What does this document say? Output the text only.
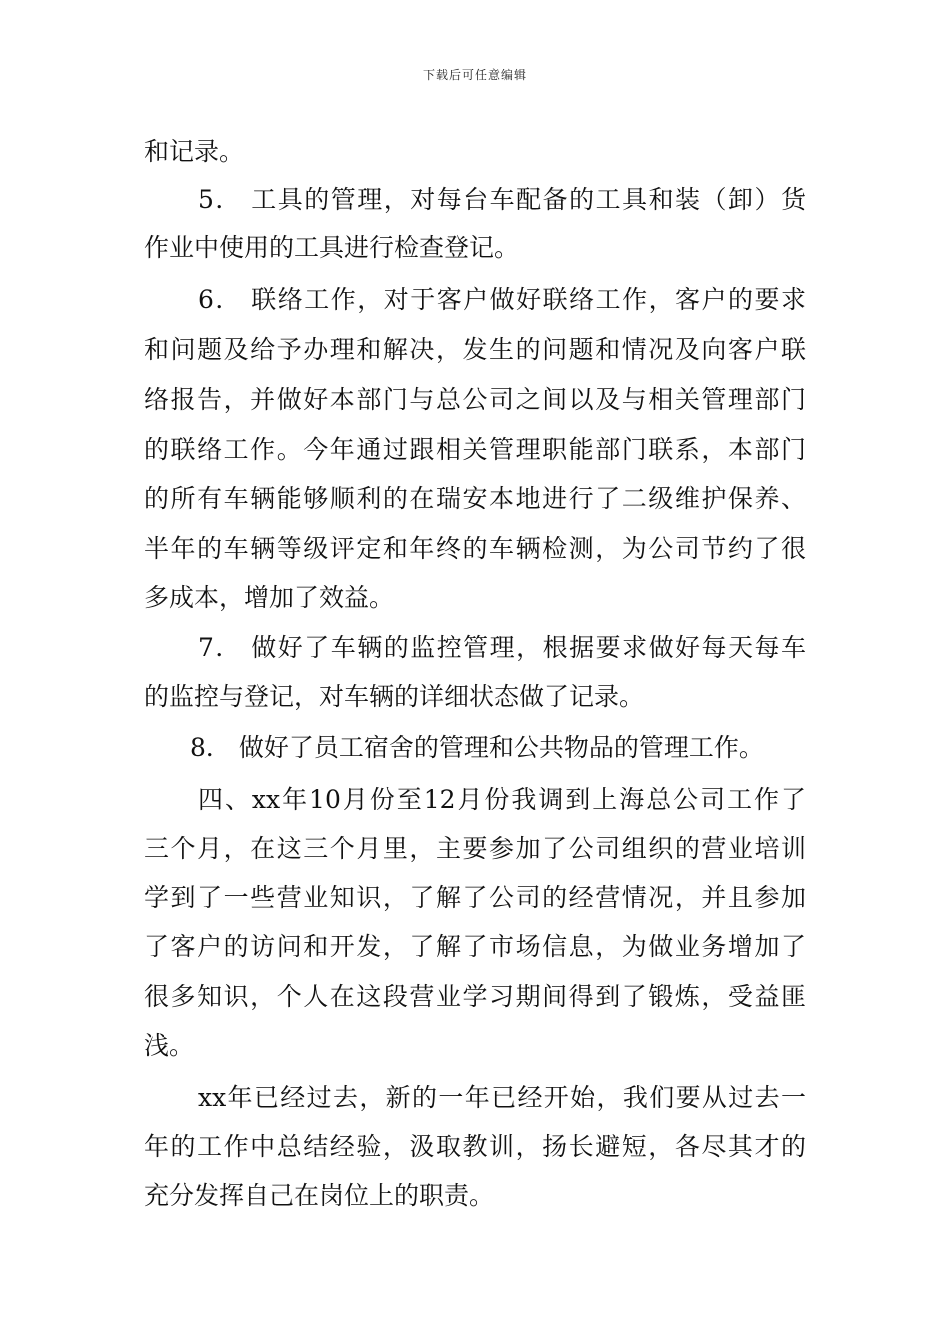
下载后可任意编辑
和记录。
5． 工具的管理，对每台车配备的工具和装（卸）货
作业中使用的工具进行检查登记。
6． 联络工作，对于客户做好联络工作，客户的要求
和问题及给予办理和解决，发生的问题和情况及向客户联
络报告，并做好本部门与总公司之间以及与相关管理部门
的联络工作。今年通过跟相关管理职能部门联系，本部门
的所有车辆能够顺利的在瑞安本地进行了二级维护保养、
半年的车辆等级评定和年终的车辆检测，为公司节约了很
多成本，增加了效益。
7． 做好了车辆的监控管理，根据要求做好每天每车
的监控与登记，对车辆的详细状态做了记录。
8． 做好了员工宿舍的管理和公共物品的管理工作。
四、xx年10月份至12月份我调到上海总公司工作了
三个月，在这三个月里，主要参加了公司组织的营业培训
学到了一些营业知识，了解了公司的经营情况，并且参加
了客户的访问和开发，了解了市场信息，为做业务增加了
很多知识，个人在这段营业学习期间得到了锻炼，受益匪
浅。
xx年已经过去，新的一年已经开始，我们要从过去一
年的工作中总结经验，汲取教训，扬长避短，各尽其才的
充分发挥自己在岗位上的职责。
